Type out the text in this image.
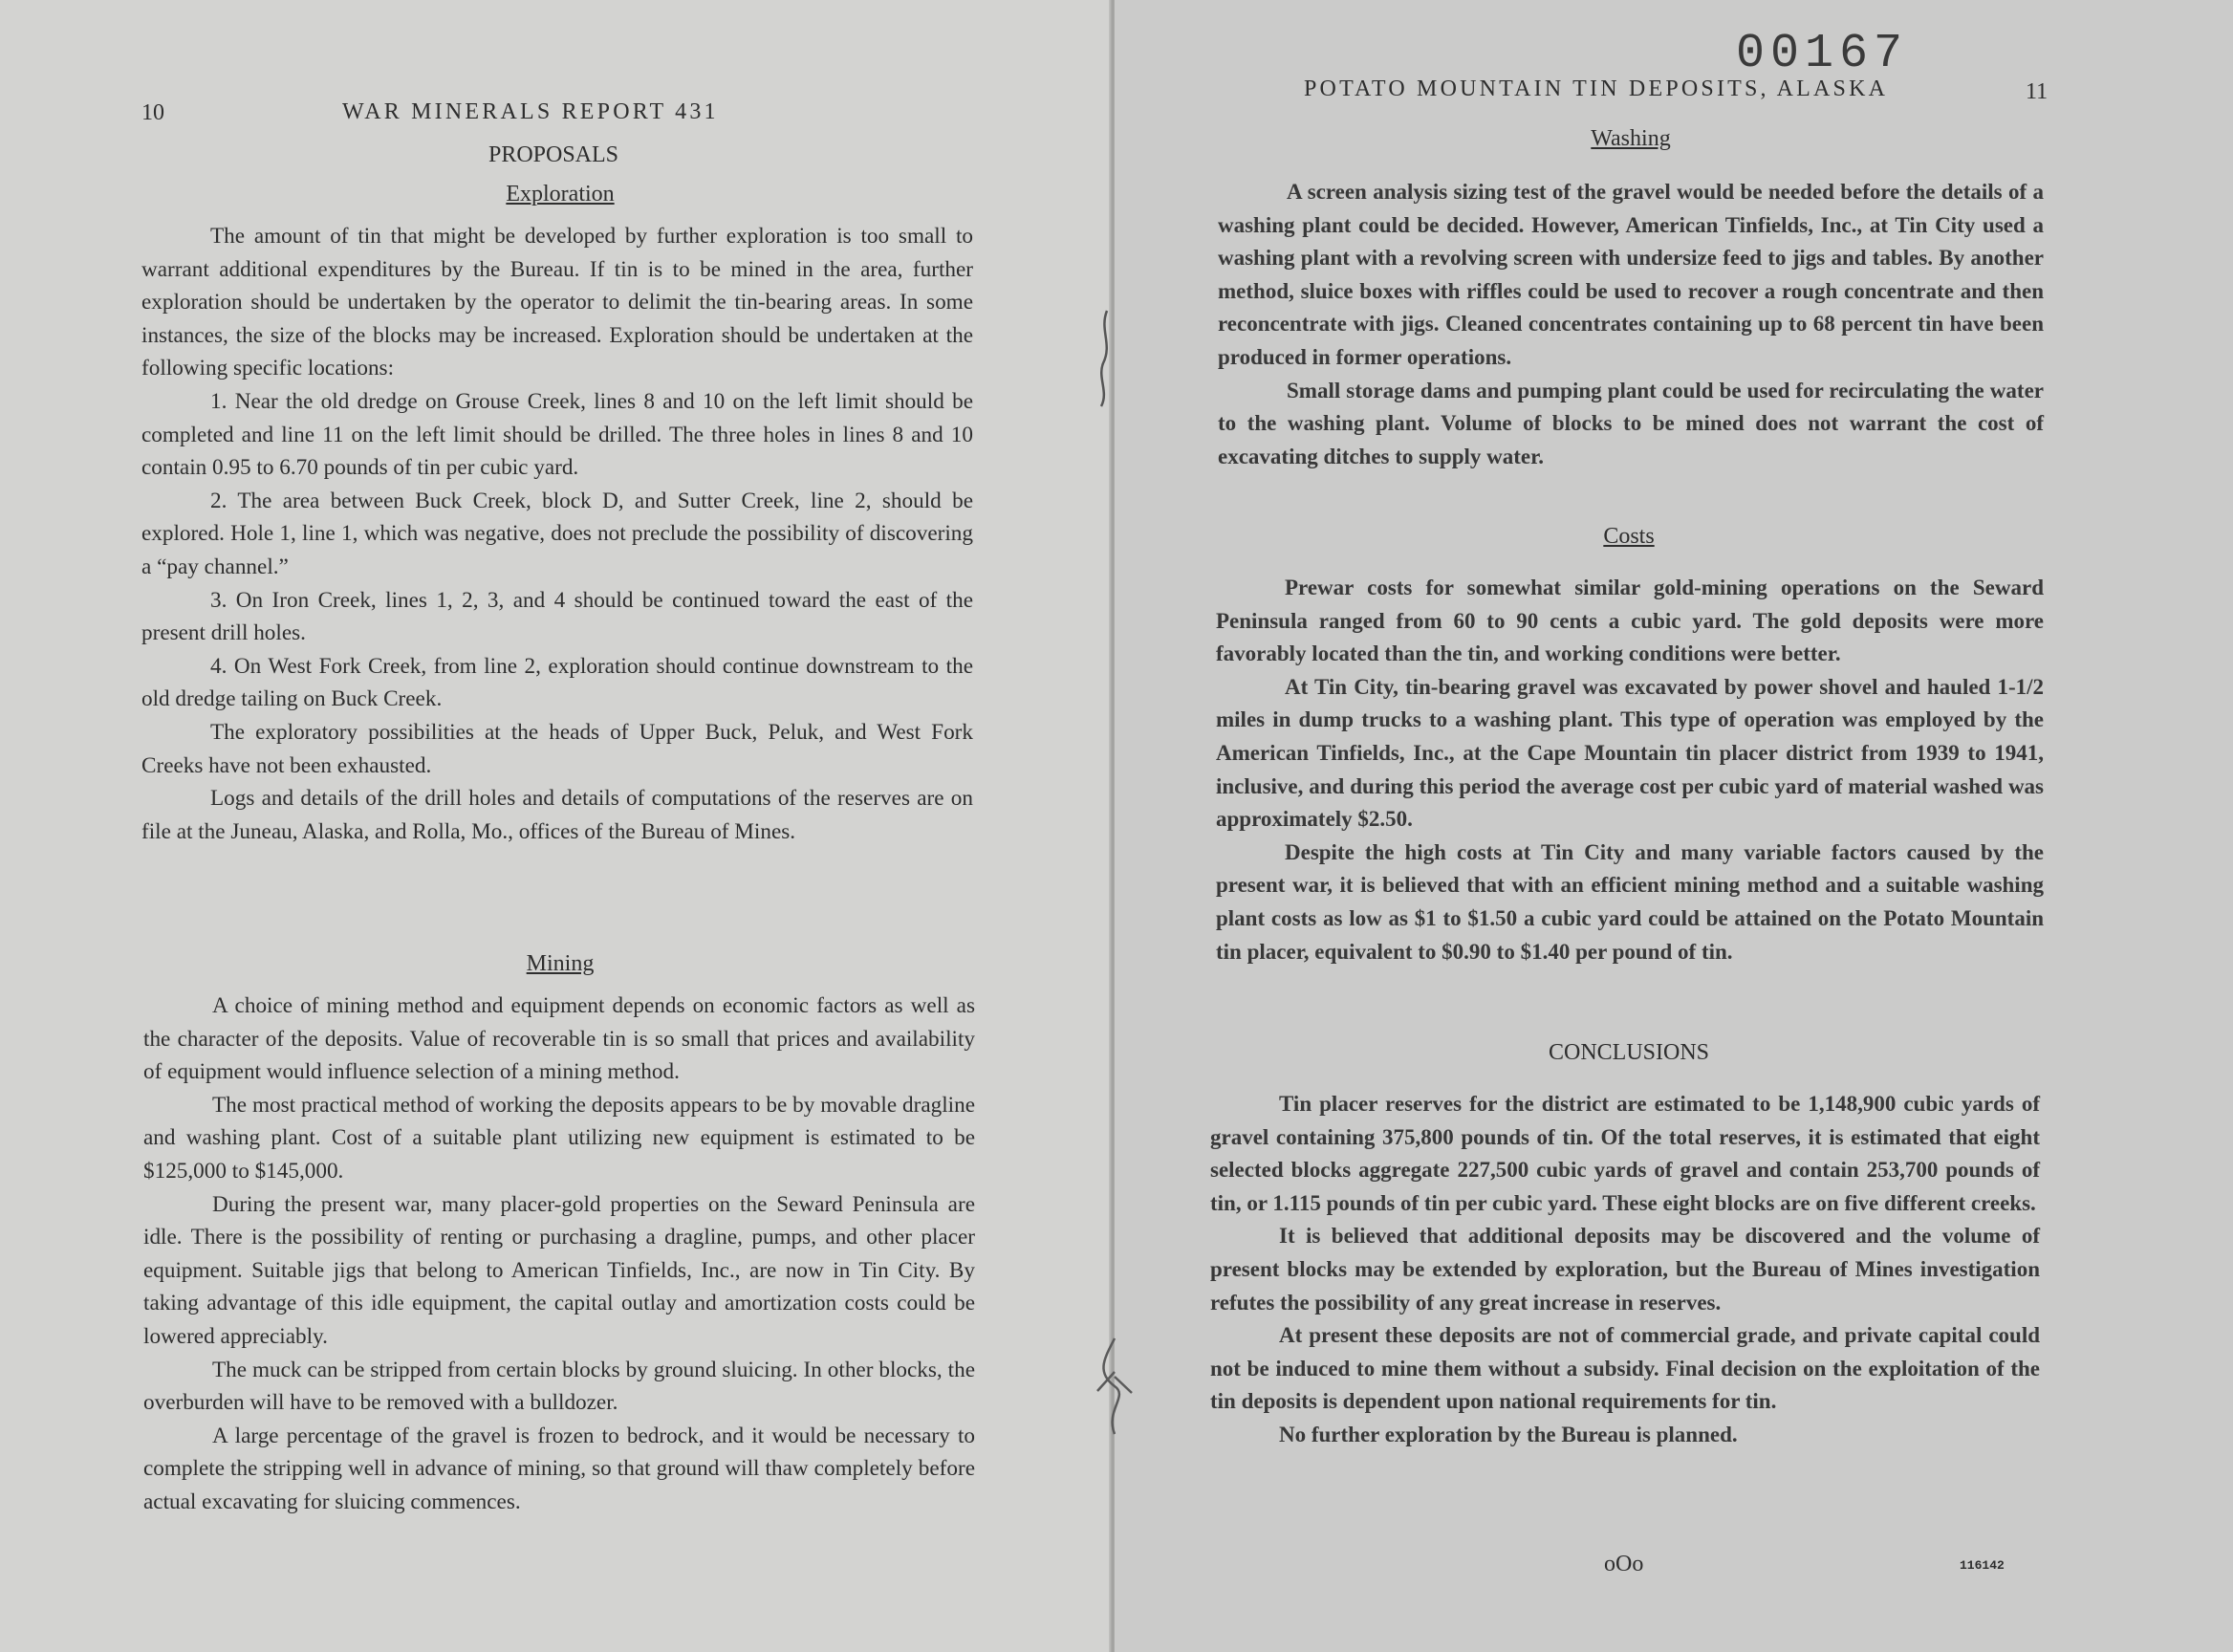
10	WAR MINERALS REPORT 431
PROPOSALS
Exploration

The amount of tin that might be developed by further exploration is too small to warrant additional expenditures by the Bureau. If tin is to be mined in the area, further exploration should be undertaken by the operator to delimit the tin-bearing areas. In some instances, the size of the blocks may be increased. Exploration should be undertaken at the following specific locations:

1. Near the old dredge on Grouse Creek, lines 8 and 10 on the left limit should be completed and line 11 on the left limit should be drilled. The three holes in lines 8 and 10 contain 0.95 to 6.70 pounds of tin per cubic yard.

2. The area between Buck Creek, block D, and Sutter Creek, line 2, should be explored. Hole 1, line 1, which was negative, does not preclude the possibility of discovering a “pay channel.”

3. On Iron Creek, lines 1, 2, 3, and 4 should be continued toward the east of the present drill holes.

4. On West Fork Creek, from line 2, exploration should continue downstream to the old dredge tailing on Buck Creek.

The exploratory possibilities at the heads of Upper Buck, Peluk, and West Fork Creeks have not been exhausted.

Logs and details of the drill holes and details of computations of the reserves are on file at the Juneau, Alaska, and Rolla, Mo., offices of the Bureau of Mines.

Mining

A choice of mining method and equipment depends on economic factors as well as the character of the deposits. Value of recoverable tin is so small that prices and availability of equipment would influence selection of a mining method.

The most practical method of working the deposits appears to be by movable dragline and washing plant. Cost of a suitable plant utilizing new equipment is estimated to be $125,000 to $145,000.

During the present war, many placer-gold properties on the Seward Peninsula are idle. There is the possibility of renting or purchasing a dragline, pumps, and other placer equipment. Suitable jigs that belong to American Tinfields, Inc., are now in Tin City. By taking advantage of this idle equipment, the capital outlay and amortization costs could be lowered appreciably.

The muck can be stripped from certain blocks by ground sluicing. In other blocks, the overburden will have to be removed with a bulldozer.

A large percentage of the gravel is frozen to bedrock, and it would be necessary to complete the stripping well in advance of mining, so that ground will thaw completely before actual excavating for sluicing commences.

00167
POTATO MOUNTAIN TIN DEPOSITS, ALASKA	11
Washing

A screen analysis sizing test of the gravel would be needed before the details of a washing plant could be decided. However, American Tinfields, Inc., at Tin City used a washing plant with a revolving screen with undersize feed to jigs and tables. By another method, sluice boxes with riffles could be used to recover a rough concentrate and then reconcentrate with jigs. Cleaned concentrates containing up to 68 percent tin have been produced in former operations.

Small storage dams and pumping plant could be used for recirculating the water to the washing plant. Volume of blocks to be mined does not warrant the cost of excavating ditches to supply water.

Costs

Prewar costs for somewhat similar gold-mining operations on the Seward Peninsula ranged from 60 to 90 cents a cubic yard. The gold deposits were more favorably located than the tin, and working conditions were better.

At Tin City, tin-bearing gravel was excavated by power shovel and hauled 1-1/2 miles in dump trucks to a washing plant. This type of operation was employed by the American Tinfields, Inc., at the Cape Mountain tin placer district from 1939 to 1941, inclusive, and during this period the average cost per cubic yard of material washed was approximately $2.50.

Despite the high costs at Tin City and many variable factors caused by the present war, it is believed that with an efficient mining method and a suitable washing plant costs as low as $1 to $1.50 a cubic yard could be attained on the Potato Mountain tin placer, equivalent to $0.90 to $1.40 per pound of tin.

CONCLUSIONS

Tin placer reserves for the district are estimated to be 1,148,900 cubic yards of gravel containing 375,800 pounds of tin. Of the total reserves, it is estimated that eight selected blocks aggregate 227,500 cubic yards of gravel and contain 253,700 pounds of tin, or 1.115 pounds of tin per cubic yard. These eight blocks are on five different creeks.

It is believed that additional deposits may be discovered and the volume of present blocks may be extended by exploration, but the Bureau of Mines investigation refutes the possibility of any great increase in reserves.

At present these deposits are not of commercial grade, and private capital could not be induced to mine them without a subsidy. Final decision on the exploitation of the tin deposits is dependent upon national requirements for tin.

No further exploration by the Bureau is planned.

oOo	116142
